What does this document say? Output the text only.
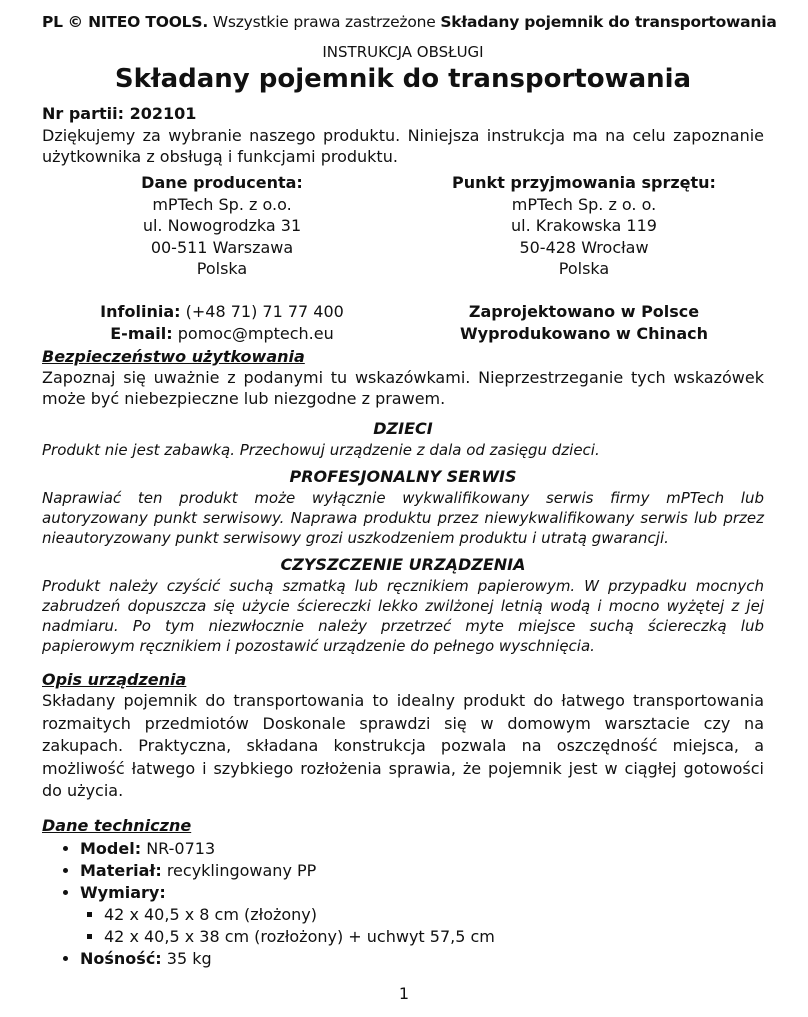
PL © NITEO TOOLS. Wszystkie prawa zastrzeżone Składany pojemnik do transportowania

INSTRUKCJA OBSŁUGI

Składany pojemnik do transportowania

Nr partii: 202101

Dziękujemy za wybranie naszego produktu. Niniejsza instrukcja ma na celu zapoznanie użytkownika z obsługą i funkcjami produktu.

Dane producenta:
mPTech Sp. z o.o.
ul. Nowogrodzka 31
00-511 Warszawa
Polska
Infolinia: (+48 71) 71 77 400
E-mail: pomoc@mptech.eu
Punkt przyjmowania sprzętu:
mPTech Sp. z o. o.
ul. Krakowska 119
50-428 Wrocław
Polska
Zaprojektowano w Polsce
Wyprodukowano w Chinach

Bezpieczeństwo użytkowania

Zapoznaj się uważnie z podanymi tu wskazówkami. Nieprzestrzeganie tych wskazówek może być niebezpieczne lub niezgodne z prawem.

DZIECI

Produkt nie jest zabawką. Przechowuj urządzenie z dala od zasięgu dzieci.

PROFESJONALNY SERWIS

Naprawiać ten produkt może wyłącznie wykwalifikowany serwis firmy mPTech lub autoryzowany punkt serwisowy. Naprawa produktu przez niewykwalifikowany serwis lub przez nieautoryzowany punkt serwisowy grozi uszkodzeniem produktu i utratą gwarancji.

CZYSZCZENIE URZĄDZENIA

Produkt należy czyścić suchą szmatką lub ręcznikiem papierowym. W przypadku mocnych zabrudzeń dopuszcza się użycie ściereczki lekko zwilżonej letnią wodą i mocno wyżętej z jej nadmiaru. Po tym niezwłocznie należy przetrzeć myte miejsce suchą ściereczką lub papierowym ręcznikiem i pozostawić urządzenie do pełnego wyschnięcia.

Opis urządzenia

Składany pojemnik do transportowania to idealny produkt do łatwego transportowania rozmaitych przedmiotów Doskonale sprawdzi się w domowym warsztacie czy na zakupach. Praktyczna, składana konstrukcja pozwala na oszczędność miejsca, a możliwość łatwego i szybkiego rozłożenia sprawia, że pojemnik jest w ciągłej gotowości do użycia.

Dane techniczne

• Model: NR-0713
• Materiał: recyklingowany PP
• Wymiary:
▪ 42 x 40,5 x 8 cm (złożony)
▪ 42 x 40,5 x 38 cm (rozłożony) + uchwyt 57,5 cm
• Nośność: 35 kg
1
